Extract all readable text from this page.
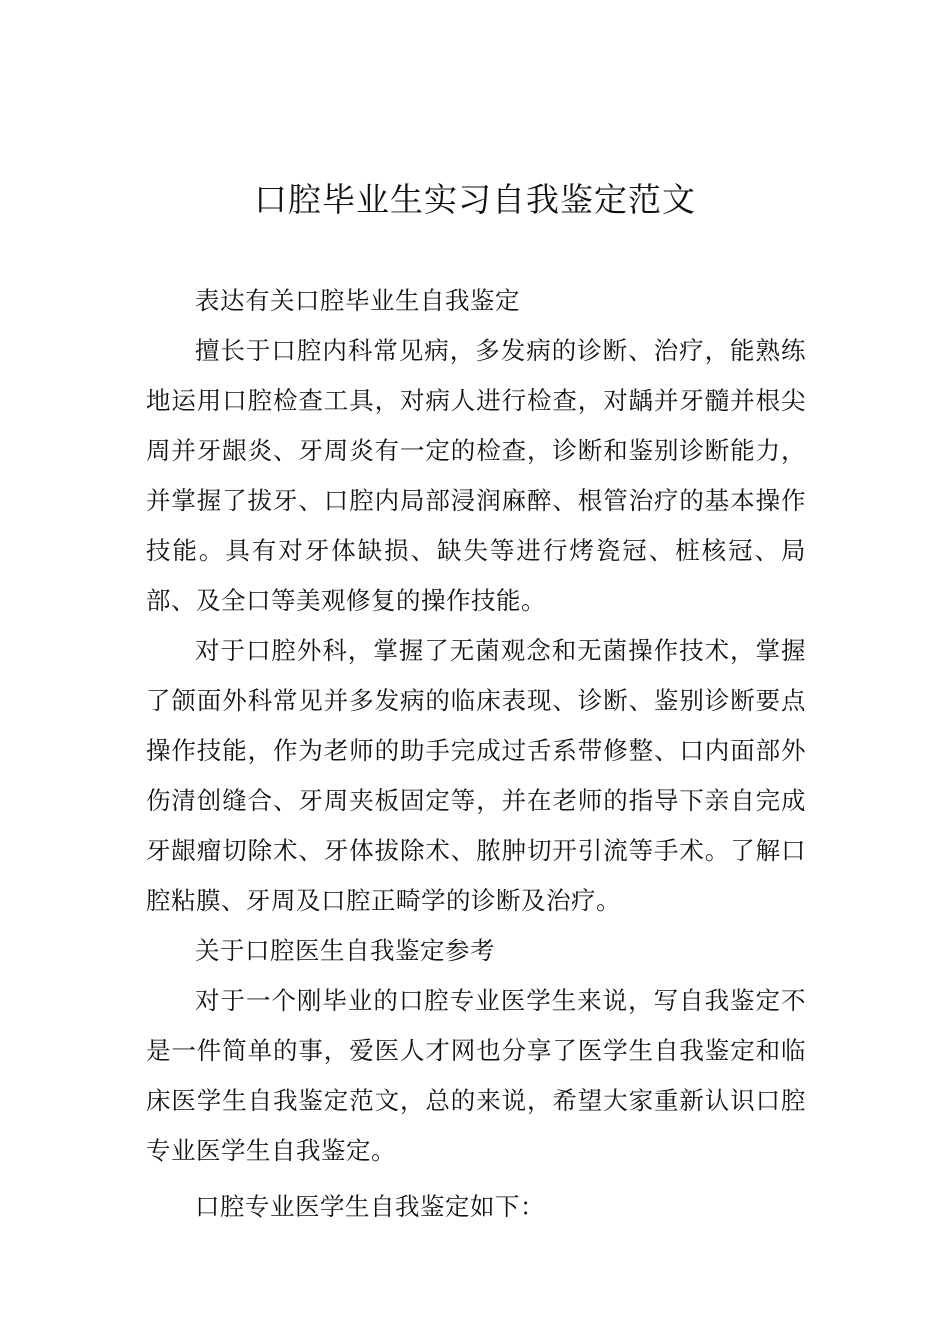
口腔毕业生实习自我鉴定范文

表达有关口腔毕业生自我鉴定

擅长于口腔内科常见病，多发病的诊断、治疗，能熟练地运用口腔检查工具，对病人进行检查，对龋并牙髓并根尖周并牙龈炎、牙周炎有一定的检查，诊断和鉴别诊断能力，并掌握了拔牙、口腔内局部浸润麻醉、根管治疗的基本操作技能。具有对牙体缺损、缺失等进行烤瓷冠、桩核冠、局部、及全口等美观修复的操作技能。

对于口腔外科，掌握了无菌观念和无菌操作技术，掌握了颌面外科常见并多发病的临床表现、诊断、鉴别诊断要点操作技能，作为老师的助手完成过舌系带修整、口内面部外伤清创缝合、牙周夹板固定等，并在老师的指导下亲自完成牙龈瘤切除术、牙体拔除术、脓肿切开引流等手术。了解口腔粘膜、牙周及口腔正畸学的诊断及治疗。

关于口腔医生自我鉴定参考

对于一个刚毕业的口腔专业医学生来说，写自我鉴定不是一件简单的事，爱医人才网也分享了医学生自我鉴定和临床医学生自我鉴定范文，总的来说，希望大家重新认识口腔专业医学生自我鉴定。

口腔专业医学生自我鉴定如下：
